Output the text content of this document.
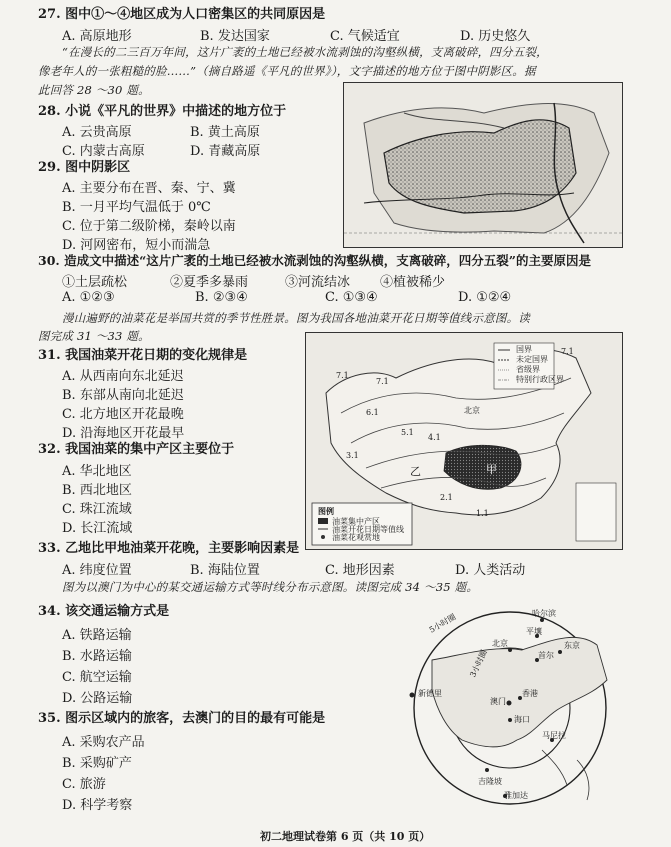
27. 图中①～④地区成为人口密集区的共同原因是
A. 高原地形	B. 发达国家	C. 气候适宜	D. 历史悠久
“在漫长的二三百万年间，这片广袤的土地已经被水流剥蚀的沟壑纵横，支离破碎，四分五裂，
像老年人的一张粗糙的脸……”（摘自路遥《平凡的世界》），文字描述的地方位于图中阴影区。据
此回答 28 ～30 题。
28. 小说《平凡的世界》中描述的地方位于
A. 云贵高原	B. 黄土高原
C. 内蒙古高原	D. 青藏高原
29. 图中阴影区
A. 主要分布在晋、秦、宁、冀
B. 一月平均气温低于 0℃
C. 位于第二级阶梯，秦岭以南
D. 河网密布，短小而湍急
30. 造成文中描述“这片广袤的土地已经被水流剥蚀的沟壑纵横，支离破碎，四分五裂”的主要原因是
①土层疏松	②夏季多暴雨	③河流结冰 ④植被稀少
A. ①②③	B. ②③④	C. ①③④	D. ①②④
漫山遍野的油菜花是举国共赏的季节性胜景。图为我国各地油菜开花日期等值线示意图。读
图完成 31 ～33 题。
国界
未定国界
省级界
特别行政区界
图例
油菜集中产区
油菜开花日期等值线
油菜花观赏地
北京
甲
乙
7.1
7.1
7.1
6.1
5.1
4.1
3.1
2.1
1.1
31. 我国油菜开花日期的变化规律是
A. 从西南向东北延迟
B. 东部从南向北延迟
C. 北方地区开花最晚
D. 沿海地区开花最早
32. 我国油菜的集中产区主要位于
A. 华北地区
B. 西北地区
C. 珠江流域
D. 长江流域
33. 乙地比甲地油菜开花晚，主要影响因素是
A. 纬度位置	B. 海陆位置	C. 地形因素	D. 人类活动
图为以澳门为中心的某交通运输方式等时线分布示意图。读图完成 34 ～35 题。
34. 该交通运输方式是
A. 铁路运输
B. 水路运输
C. 航空运输
D. 公路运输
35. 图示区域内的旅客，去澳门的目的最有可能是
A. 采购农产品
B. 采购矿产
C. 旅游
D. 科学考察
5小时圈
3小时圈
哈尔滨
平壤
北京	东京
首尔
新德里
澳门
香港
海口
马尼拉
吉隆坡
雅加达
初二地理试卷第 6 页（共 10 页）
